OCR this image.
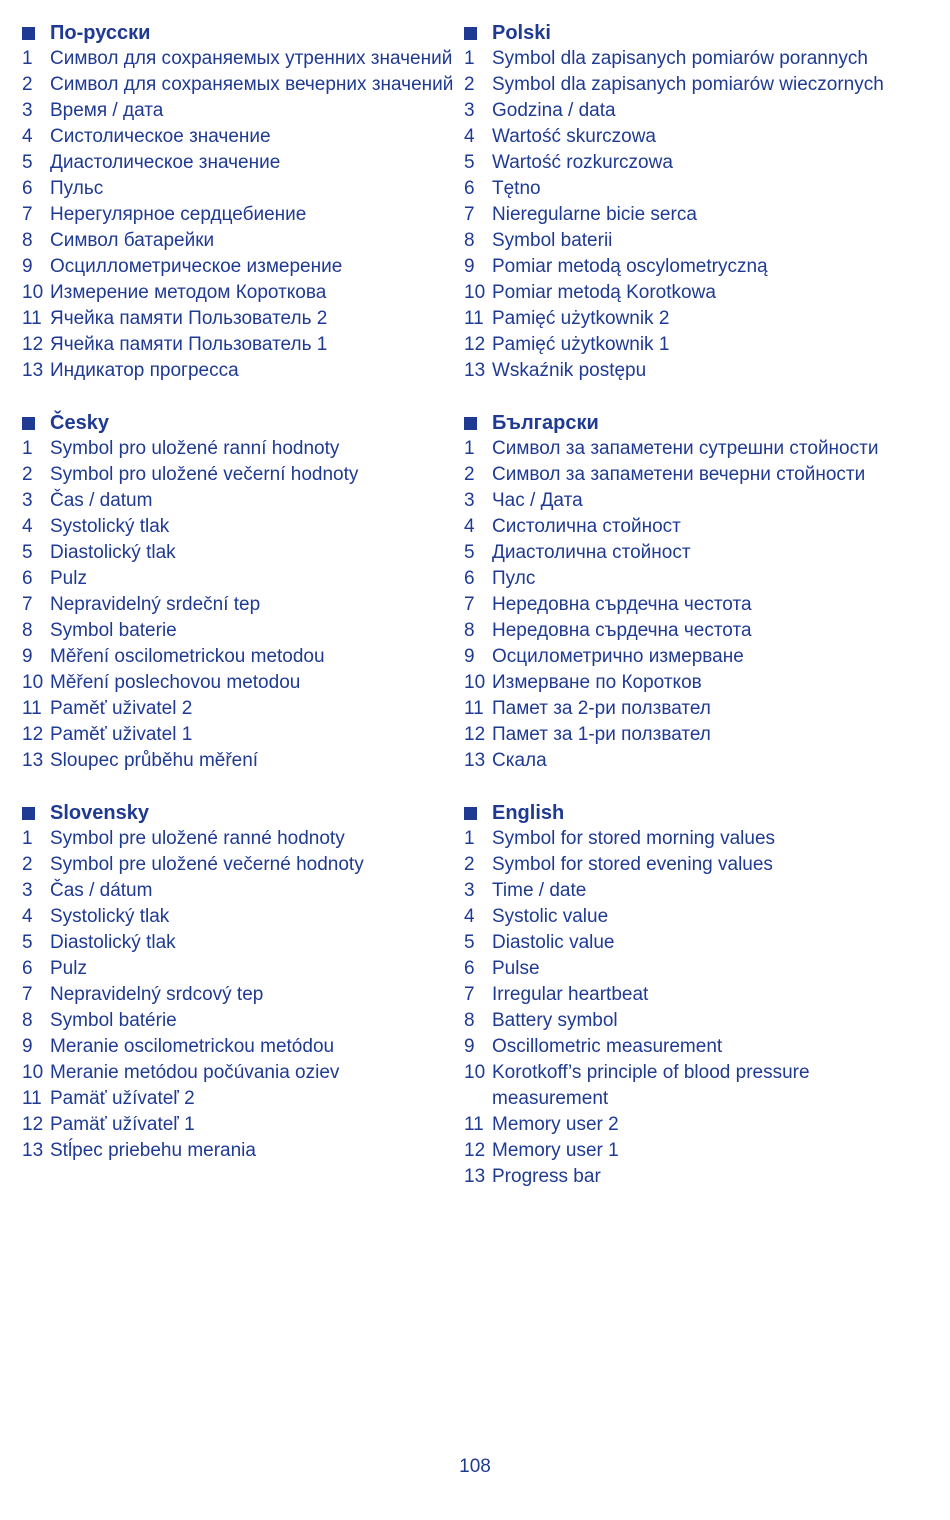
По-русски
1 Символ для сохраняемых утренних значений
2 Символ для сохраняемых вечерних значений
3 Время / дата
4 Систолическое значение
5 Диастолическое значение
6 Пульс
7 Нерегулярное сердцебиение
8 Символ батарейки
9 Осциллометрическое измерение
10 Измерение методом Короткова
11 Ячейка памяти Пользователь 2
12 Ячейка памяти Пользователь 1
13 Индикатор прогресса
Česky
1 Symbol pro uložené ranní hodnoty
2 Symbol pro uložené večerní hodnoty
3 Čas / datum
4 Systolický tlak
5 Diastolický tlak
6 Pulz
7 Nepravidelný srdeční tep
8 Symbol baterie
9 Měření oscilometrickou metodou
10 Měření poslechovou metodou
11 Paměť uživatel 2
12 Paměť uživatel 1
13 Sloupec průběhu měření
Slovensky
1 Symbol pre uložené ranné hodnoty
2 Symbol pre uložené večerné hodnoty
3 Čas / dátum
4 Systolický tlak
5 Diastolický tlak
6 Pulz
7 Nepravidelný srdcový tep
8 Symbol batérie
9 Meranie oscilometrickou metódou
10 Meranie metódou počúvania oziev
11 Pamäť užívateľ 2
12 Pamäť užívateľ 1
13 Stĺpec priebehu merania
Polski
1 Symbol dla zapisanych pomiarów porannych
2 Symbol dla zapisanych pomiarów wieczornych
3 Godzina / data
4 Wartość skurczowa
5 Wartość rozkurczowa
6 Tętno
7 Nieregularne bicie serca
8 Symbol baterii
9 Pomiar metodą oscylometryczną
10 Pomiar metodą Korotkowa
11 Pamięć użytkownik 2
12 Pamięć użytkownik 1
13 Wskaźnik postępu
Български
1 Символ за запаметени сутрешни стойности
2 Символ за запаметени вечерни стойности
3 Час / Дата
4 Систолична стойност
5 Диастолична стойност
6 Пулс
7 Нередовна сърдечна честота
8 Нередовна сърдечна честота
9 Осцилометрично измерване
10 Измерване по Коротков
11 Памет за 2-ри ползвател
12 Памет за 1-ри ползвател
13 Скала
English
1 Symbol for stored morning values
2 Symbol for stored evening values
3 Time / date
4 Systolic value
5 Diastolic value
6 Pulse
7 Irregular heartbeat
8 Battery symbol
9 Oscillometric measurement
10 Korotkoff’s principle of blood pressure measurement
11 Memory user 2
12 Memory user 1
13 Progress bar
108
